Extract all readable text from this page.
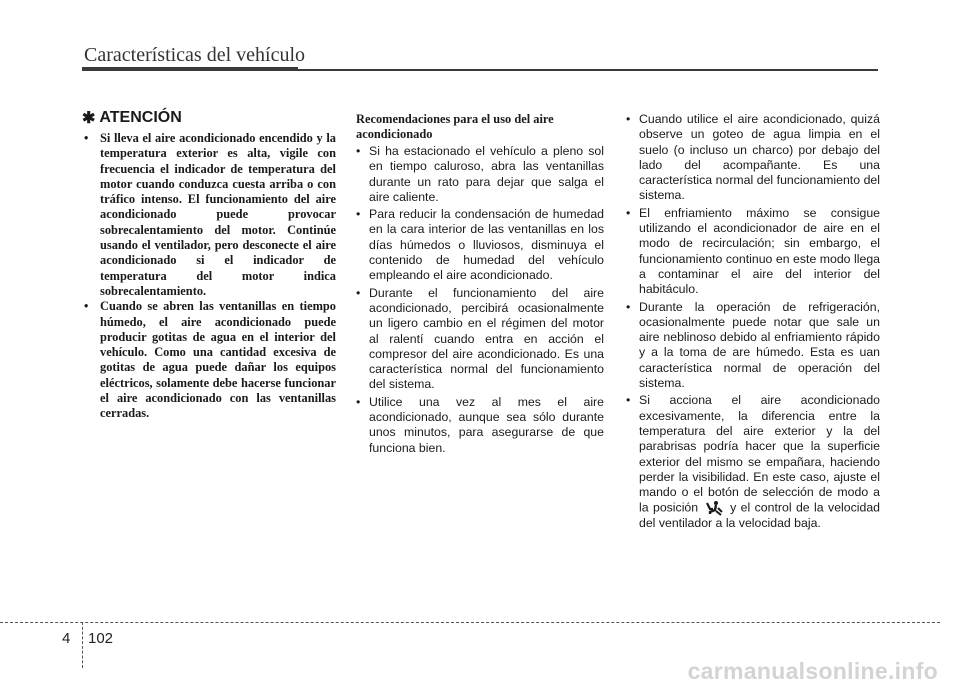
Características del vehículo
✱ ATENCIÓN
• Si lleva el aire acondicionado encendido y la temperatura exterior es alta, vigile con frecuencia el indicador de temperatura del motor cuando conduzca cuesta arriba o con tráfico intenso. El funcionamiento del aire acondicionado puede provocar sobrecalentamiento del motor. Continúe usando el ventilador, pero desconecte el aire acondicionado si el indicador de temperatura del motor indica sobrecalentamiento.
• Cuando se abren las ventanillas en tiempo húmedo, el aire acondicionado puede producir gotitas de agua en el interior del vehículo. Como una cantidad excesiva de gotitas de agua puede dañar los equipos eléctricos, solamente debe hacerse funcionar el aire acondicionado con las ventanillas cerradas.
Recomendaciones para el uso del aire acondicionado
• Si ha estacionado el vehículo a pleno sol en tiempo caluroso, abra las ventanillas durante un rato para dejar que salga el aire caliente.
• Para reducir la condensación de humedad en la cara interior de las ventanillas en los días húmedos o lluviosos, disminuya el contenido de humedad del vehículo empleando el aire acondicionado.
• Durante el funcionamiento del aire acondicionado, percibirá ocasionalmente un ligero cambio en el régimen del motor al ralentí cuando entra en acción el compresor del aire acondicionado. Es una característica normal del funcionamiento del sistema.
• Utilice una vez al mes el aire acondicionado, aunque sea sólo durante unos minutos, para asegurarse de que funciona bien.
• Cuando utilice el aire acondicionado, quizá observe un goteo de agua limpia en el suelo (o incluso un charco) por debajo del lado del acompañante. Es una característica normal del funcionamiento del sistema.
• El enfriamiento máximo se consigue utilizando el acondicionador de aire en el modo de recirculación; sin embargo, el funcionamiento continuo en este modo llega a contaminar el aire del interior del habitáculo.
• Durante la operación de refrigeración, ocasionalmente puede notar que sale un aire neblinoso debido al enfriamiento rápido y a la toma de are húmedo. Esta es uan característica normal de operación del sistema.
• Si acciona el aire acondicionado excesivamente, la diferencia entre la temperatura del aire exterior y la del parabrisas podría hacer que la superficie exterior del mismo se empañara, haciendo perder la visibilidad. En este caso, ajuste el mando o el botón de selección de modo a la posición	y el control de la velocidad del ventilador a la velocidad baja.
4 102
carmanualsonline.info
